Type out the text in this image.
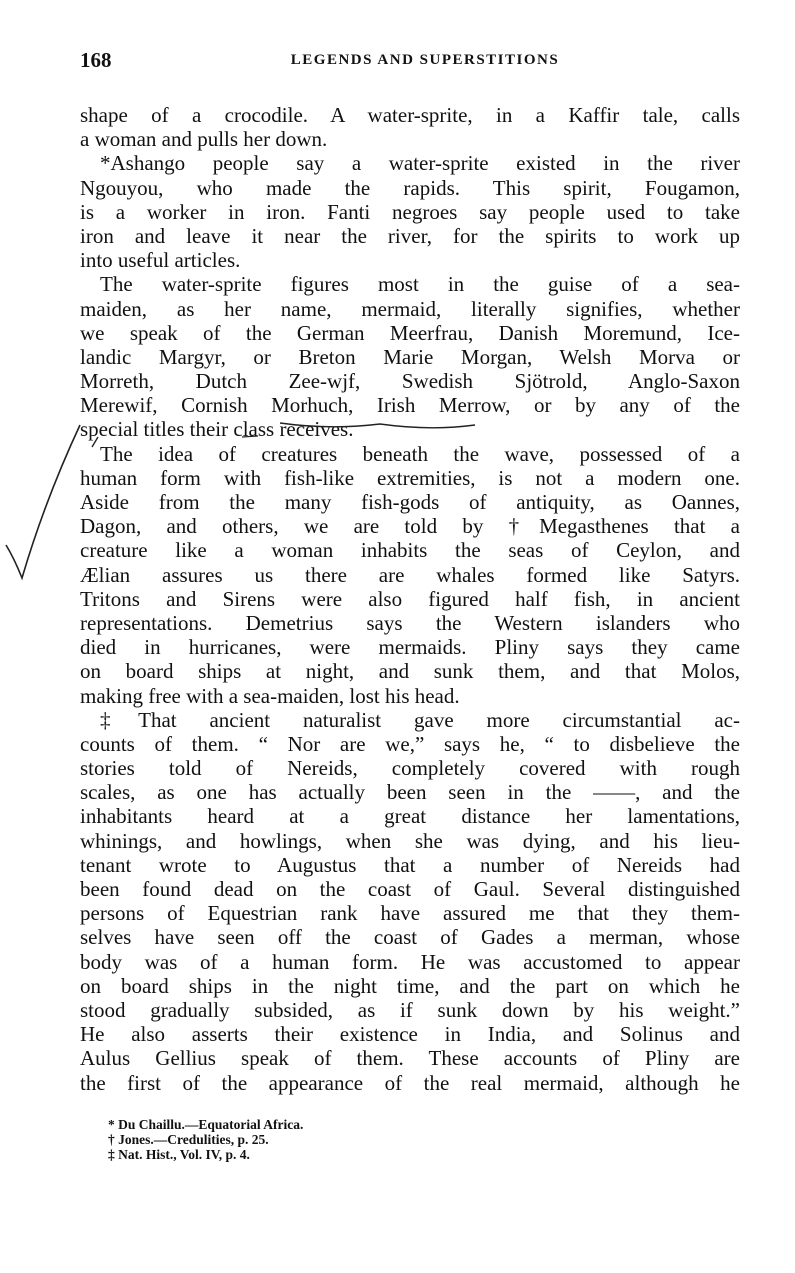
168	LEGENDS AND SUPERSTITIONS
shape of a crocodile. A water-sprite, in a Kaffir tale, calls
a woman and pulls her down.
*Ashango people say a water-sprite existed in the river
Ngouyou, who made the rapids. This spirit, Fougamon,
is a worker in iron. Fanti negroes say people used to take
iron and leave it near the river, for the spirits to work up
into useful articles.
The water-sprite figures most in the guise of a sea-
maiden, as her name, mermaid, literally signifies, whether
we speak of the German Meerfrau, Danish Moremund, Ice-
landic Margyr, or Breton Marie Morgan, Welsh Morva or
Morreth, Dutch Zee-wjf, Swedish Sjötrold, Anglo-Saxon
Merewif, Cornish Morhuch, Irish Merrow, or by any of the
special titles their class receives.
The idea of creatures beneath the wave, possessed of a
human form with fish-like extremities, is not a modern one.
Aside from the many fish-gods of antiquity, as Oannes,
Dagon, and others, we are told by †Megasthenes that a
creature like a woman inhabits the seas of Ceylon, and
Ælian assures us there are whales formed like Satyrs.
Tritons and Sirens were also figured half fish, in ancient
representations. Demetrius says the Western islanders who
died in hurricanes, were mermaids. Pliny says they came
on board ships at night, and sunk them, and that Molos,
making free with a sea-maiden, lost his head.
‡That ancient naturalist gave more circumstantial ac-
counts of them. “ Nor are we,” says he, “ to disbelieve the
stories told of Nereids, completely covered with rough
scales, as one has actually been seen in the ——, and the
inhabitants heard at a great distance her lamentations,
whinings, and howlings, when she was dying, and his lieu-
tenant wrote to Augustus that a number of Nereids had
been found dead on the coast of Gaul. Several distinguished
persons of Equestrian rank have assured me that they them-
selves have seen off the coast of Gades a merman, whose
body was of a human form. He was accustomed to appear
on board ships in the night time, and the part on which he
stood gradually subsided, as if sunk down by his weight.”
He also asserts their existence in India, and Solinus and
Aulus Gellius speak of them. These accounts of Pliny are
the first of the appearance of the real mermaid, although he
* Du Chaillu.—Equatorial Africa.
† Jones.—Credulities, p. 25.
‡ Nat. Hist., Vol. IV, p. 4.
